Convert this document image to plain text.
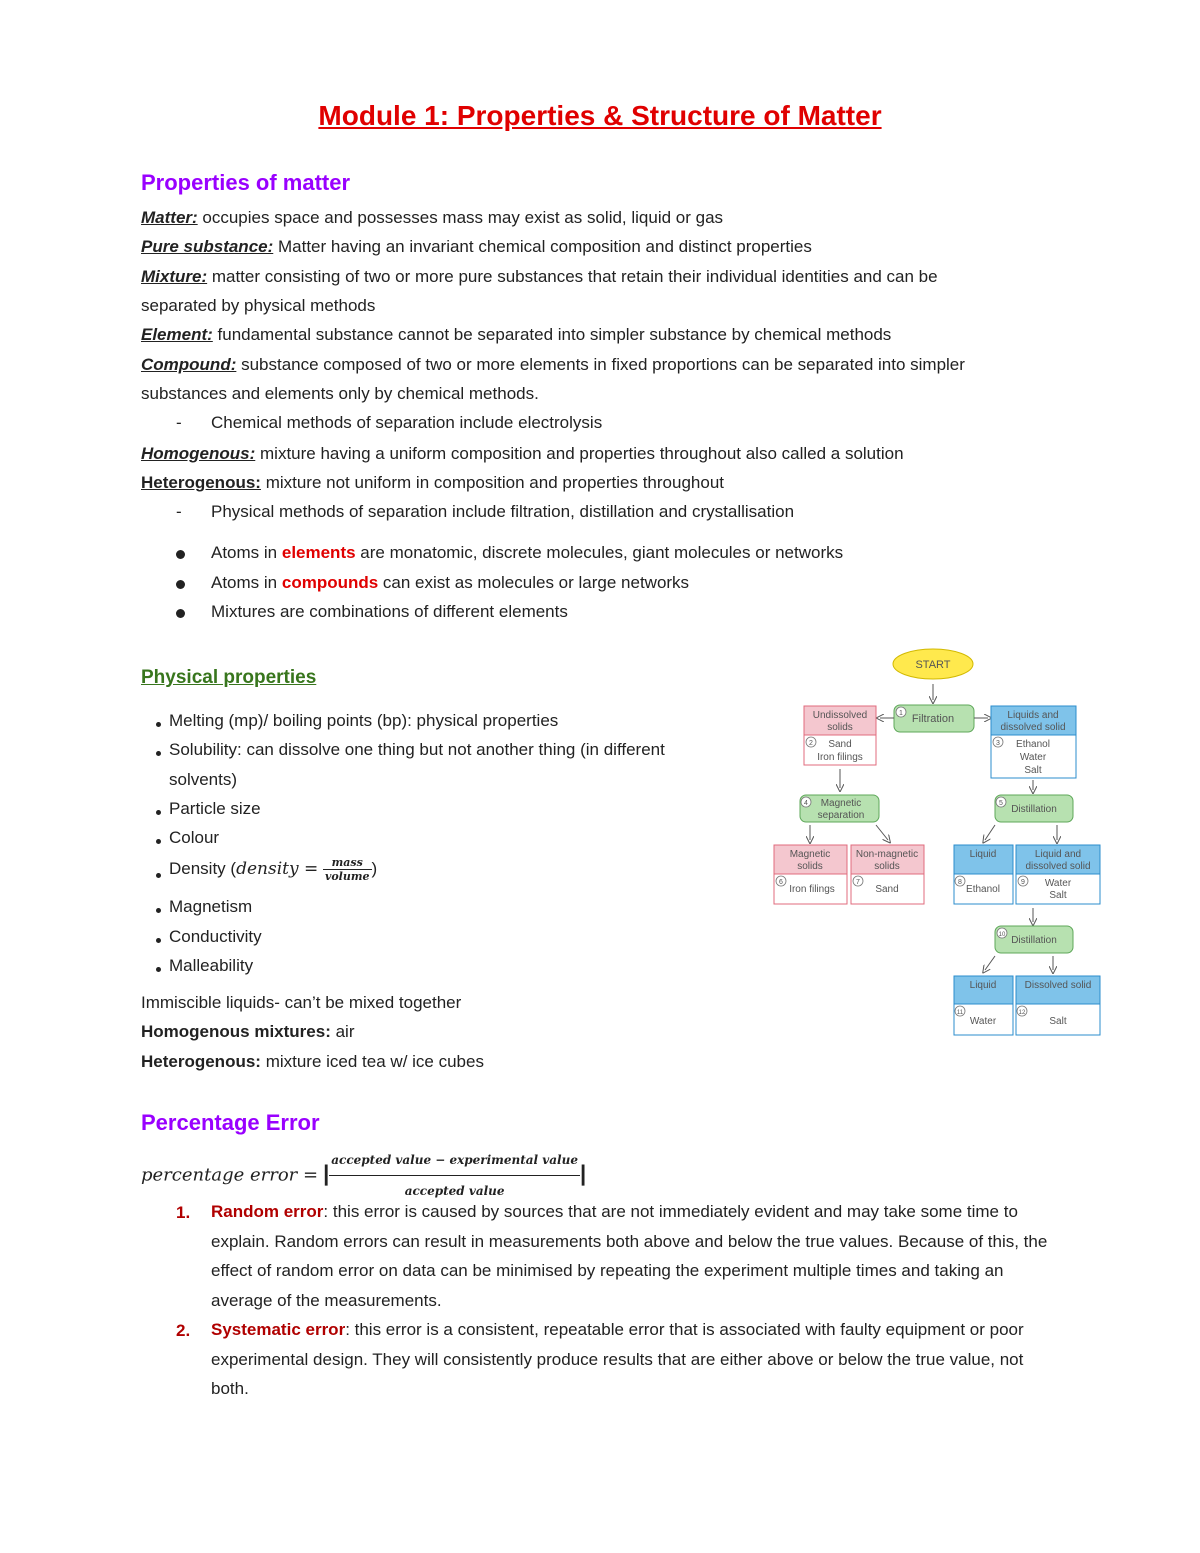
Module 1: Properties & Structure of Matter
Properties of matter
Matter: occupies space and possesses mass may exist as solid, liquid or gas
Pure substance: Matter having an invariant chemical composition and distinct properties
Mixture: matter consisting of two or more pure substances that retain their individual identities and can be
separated by physical methods
Element: fundamental substance cannot be separated into simpler substance by chemical methods
Compound: substance composed of two or more elements in fixed proportions can be separated into simpler
substances and elements only by chemical methods.
- Chemical methods of separation include electrolysis
Homogenous: mixture having a uniform composition and properties throughout also called a solution
Heterogenous: mixture not uniform in composition and properties throughout
- Physical methods of separation include filtration, distillation and crystallisation
Atoms in elements are monatomic, discrete molecules, giant molecules or networks
Atoms in compounds can exist as molecules or large networks
Mixtures are combinations of different elements
Physical properties
Melting (mp)/ boiling points (bp): physical properties
Solubility: can dissolve one thing but not another thing (in different
solvents)
Particle size
Colour
Density (density = $\frac{\text{mass}}{\text{volume}}$ )
Magnetism
Conductivity
Malleability
Immiscible liquids- can’t be mixed together
Homogenous mixtures: air
Heterogenous: mixture iced tea w/ ice cubes
START
1 Filtration
Undissolved
solids
2 Sand
Iron filings
Liquids and
dissolved solid
3 Ethanol
Water
Salt
4 Magnetic
separation
5
Distillation
Magnetic
solids
6
Iron filings
Non-magnetic
solids
7
Sand
Liquid
8
Ethanol
Liquid and
dissolved solid
9 Water
Salt
10 Distillation
Liquid
11
Water
Dissolved solid
12
Salt
Percentage Error
percentage error = | $\frac{\text{accepted value − experimental value}}{\text{accepted value}}$ |
1. Random error: this error is caused by sources that are not immediately evident and may take some time to explain. Random errors can result in measurements both above and below the true values. Because of this, the effect of random error on data can be minimised by repeating the experiment multiple times and taking an average of the measurements.
2. Systematic error: this error is a consistent, repeatable error that is associated with faulty equipment or poor experimental design. They will consistently produce results that are either above or below the true value, not both.
